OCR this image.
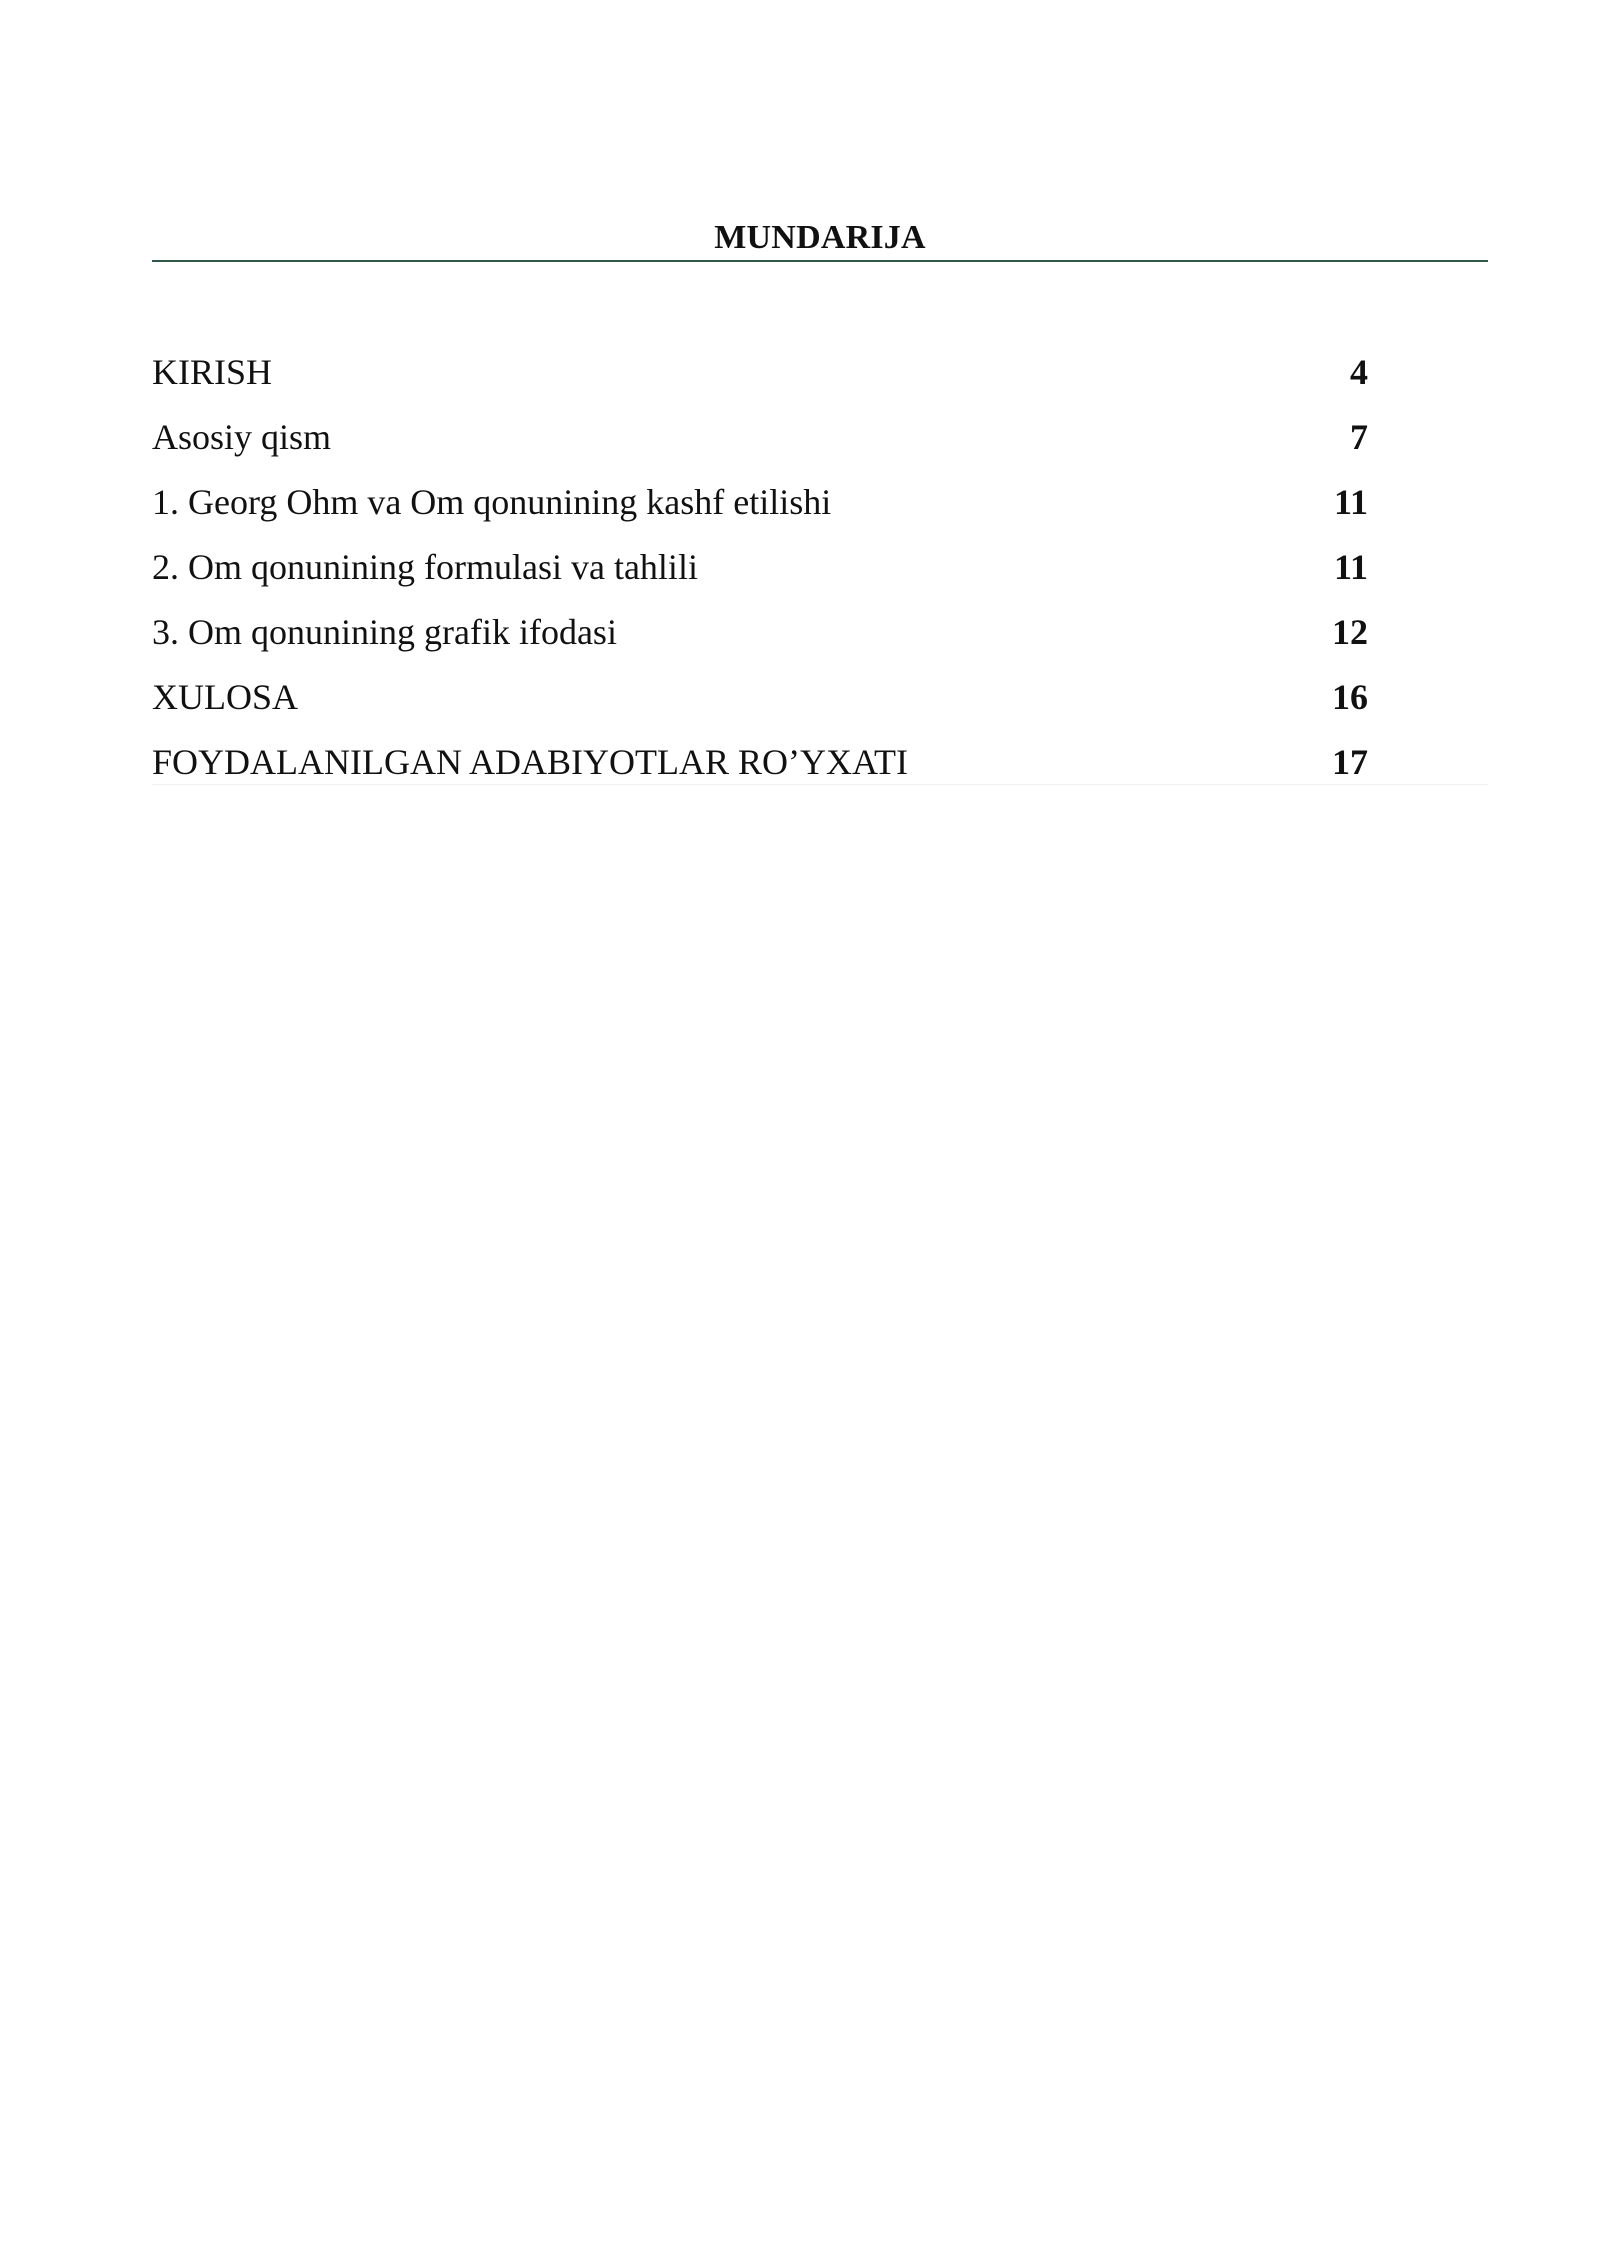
MUNDARIJA
KIRISH	4
Asosiy qism	7
1. Georg Ohm va Om qonunining kashf etilishi	11
2. Om qonunining formulasi va tahlili	11
3. Om qonunining grafik ifodasi	12
XULOSA	16
FOYDALANILGAN ADABIYOTLAR RO’YXATI	17
